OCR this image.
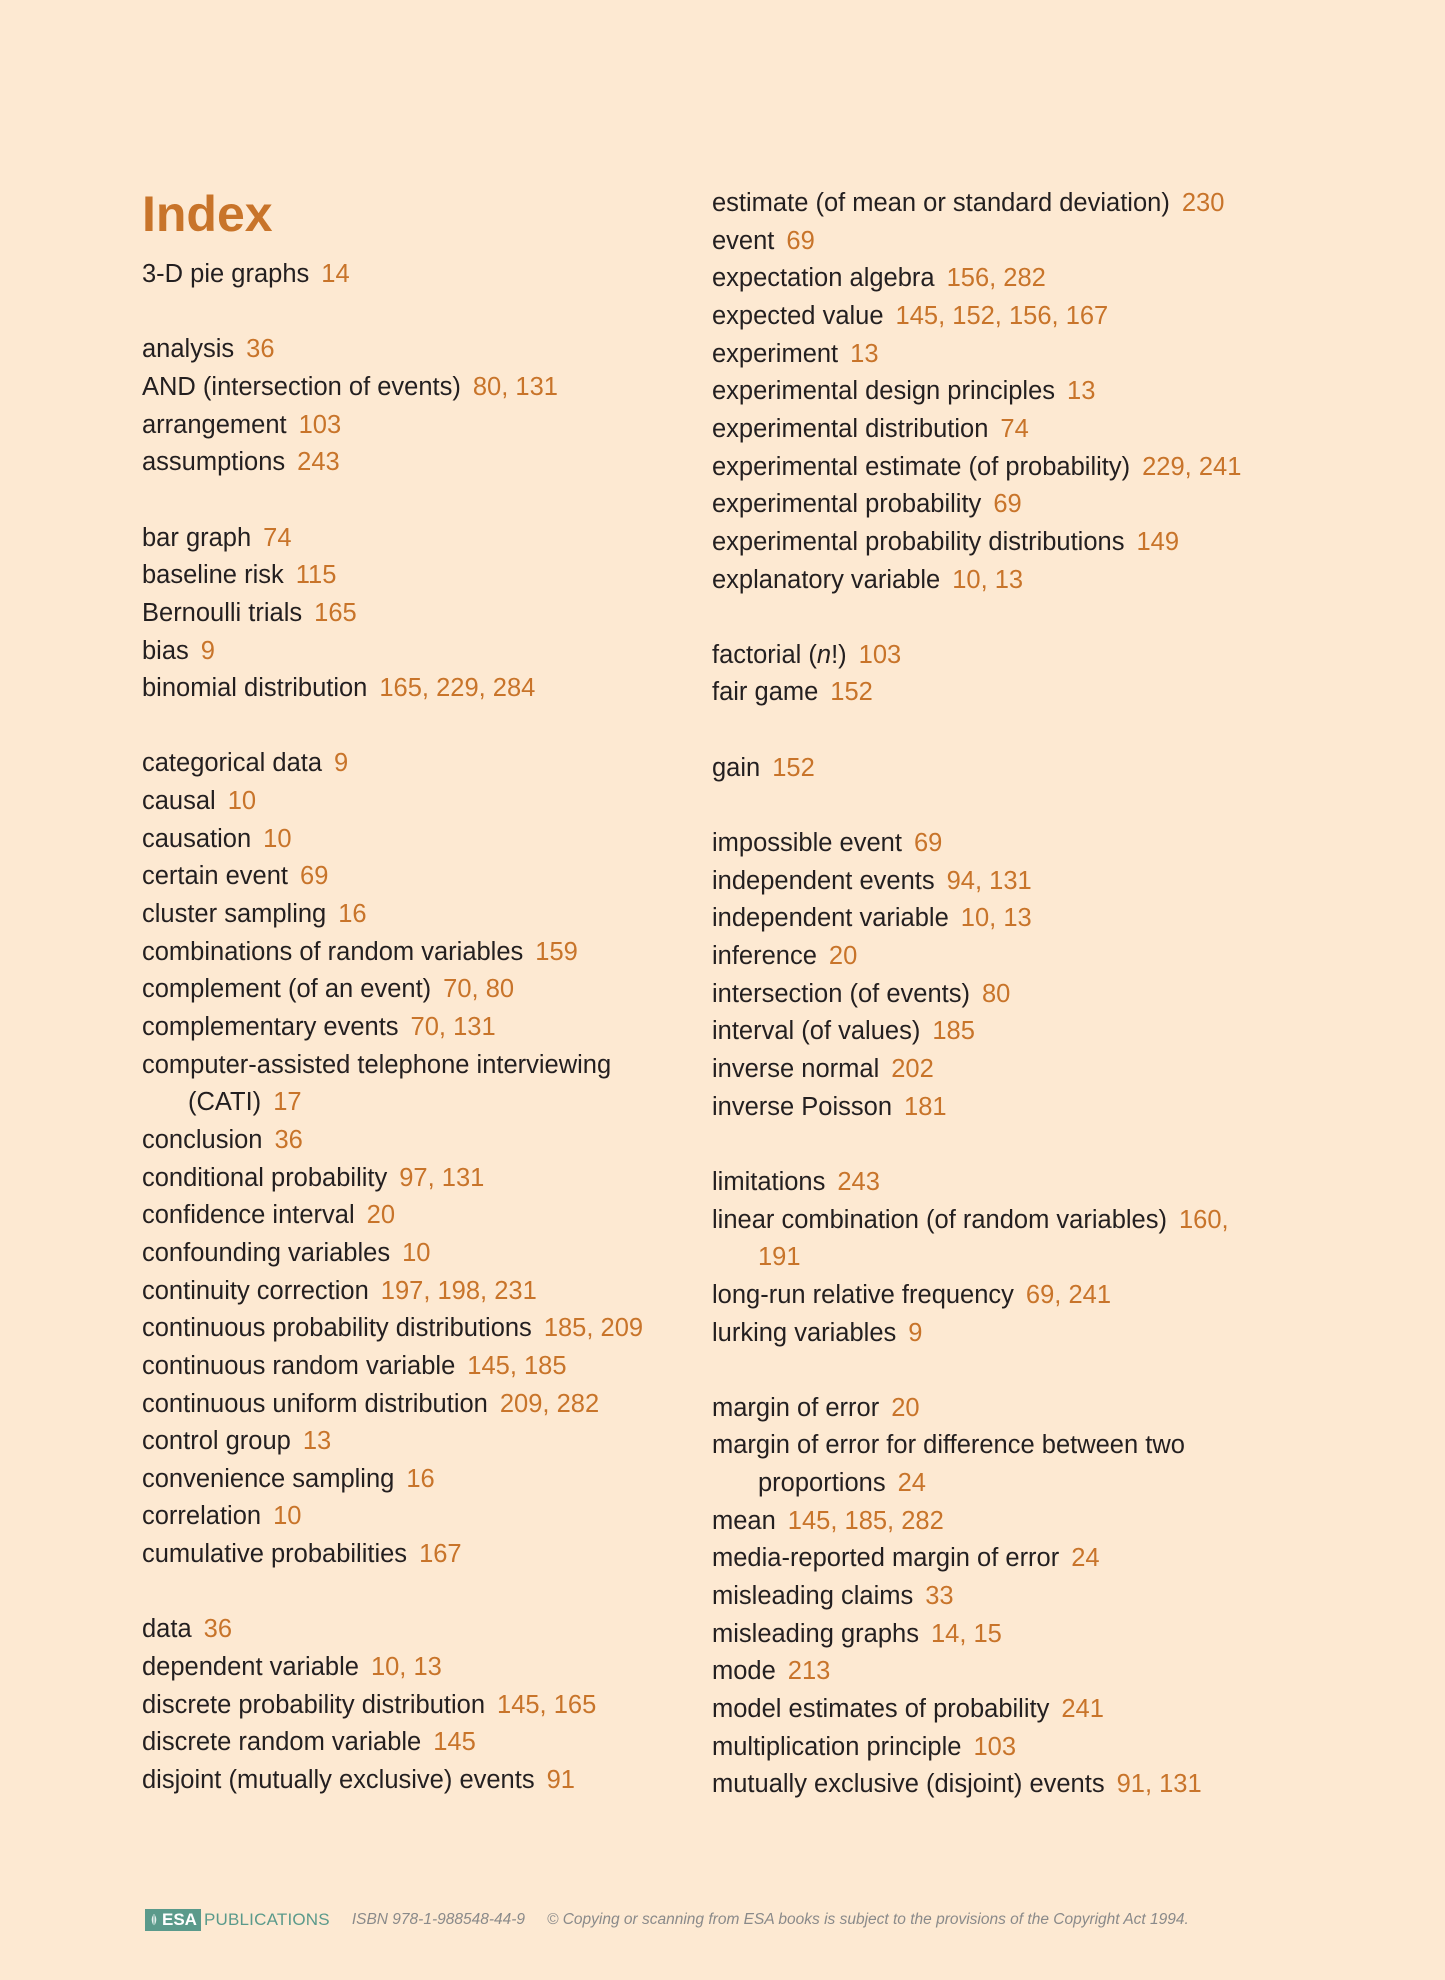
Index
3-D pie graphs 14
analysis 36
AND (intersection of events) 80, 131
arrangement 103
assumptions 243
bar graph 74
baseline risk 115
Bernoulli trials 165
bias 9
binomial distribution 165, 229, 284
categorical data 9
causal 10
causation 10
certain event 69
cluster sampling 16
combinations of random variables 159
complement (of an event) 70, 80
complementary events 70, 131
computer-assisted telephone interviewing (CATI) 17
conclusion 36
conditional probability 97, 131
confidence interval 20
confounding variables 10
continuity correction 197, 198, 231
continuous probability distributions 185, 209
continuous random variable 145, 185
continuous uniform distribution 209, 282
control group 13
convenience sampling 16
correlation 10
cumulative probabilities 167
data 36
dependent variable 10, 13
discrete probability distribution 145, 165
discrete random variable 145
disjoint (mutually exclusive) events 91
estimate (of mean or standard deviation) 230
event 69
expectation algebra 156, 282
expected value 145, 152, 156, 167
experiment 13
experimental design principles 13
experimental distribution 74
experimental estimate (of probability) 229, 241
experimental probability 69
experimental probability distributions 149
explanatory variable 10, 13
factorial (n!) 103
fair game 152
gain 152
impossible event 69
independent events 94, 131
independent variable 10, 13
inference 20
intersection (of events) 80
interval (of values) 185
inverse normal 202
inverse Poisson 181
limitations 243
linear combination (of random variables) 160, 191
long-run relative frequency 69, 241
lurking variables 9
margin of error 20
margin of error for difference between two proportions 24
mean 145, 185, 282
media-reported margin of error 24
misleading claims 33
misleading graphs 14, 15
mode 213
model estimates of probability 241
multiplication principle 103
mutually exclusive (disjoint) events 91, 131
ESA PUBLICATIONS ISBN 978-1-988548-44-9 © Copying or scanning from ESA books is subject to the provisions of the Copyright Act 1994.
